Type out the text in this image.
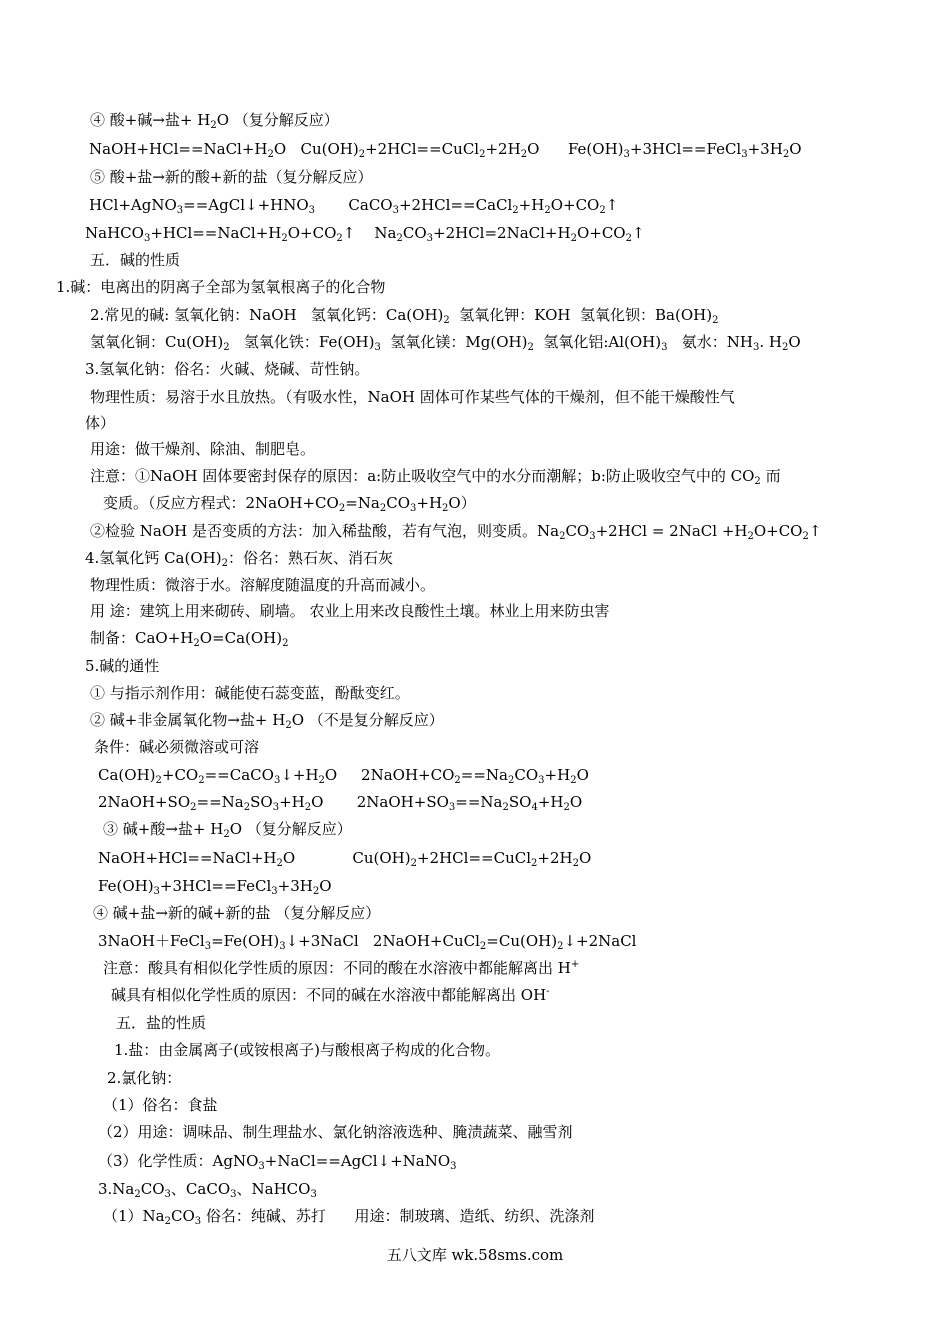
④ 酸+碱→盐+ $H_2O$ （复分解反应）
$NaOH+HCl==NaCl+H_2O$   $Cu(OH)_2+2HCl==CuCl_2+2H_2O$      $Fe(OH)_3+3HCl==FeCl_3+3H_2O$
⑤ 酸+盐→新的酸+新的盐（复分解反应）
$HCl+AgNO_3==AgCl↓+HNO_3$       $CaCO_3+2HCl==CaCl_2+H_2O+CO_2↑$
$NaHCO_3+HCl==NaCl+H_2O+CO_2↑$    $Na_2CO_3+2HCl=2NaCl+H_2O+CO_2↑$
五．碱的性质
1.碱：电离出的阴离子全部为氢氧根离子的化合物
2.常见的碱: 氢氧化钠：NaOH   氢氧化钙：$Ca(OH)_2$  氢氧化钾：KOH  氢氧化钡：$Ba(OH)_2$
氢氧化铜：$Cu(OH)_2$   氢氧化铁：$Fe(OH)_3$  氢氧化镁：$Mg(OH)_2$  氢氧化铝$:Al(OH)_3$   氨水：$NH_3$. $H_2O$
3.氢氧化钠：俗名：火碱、烧碱、苛性钠。
物理性质：易溶于水且放热。（有吸水性，NaOH 固体可作某些气体的干燥剂，但不能干燥酸性气
体）
用途：做干燥剂、除油、制肥皂。
注意：①NaOH 固体要密封保存的原因：a:防止吸收空气中的水分而潮解；b:防止吸收空气中的 $CO_2$ 而
变质。（反应方程式：$2NaOH+CO_2=Na_2CO_3+H_2O$）
②检验 NaOH 是否变质的方法：加入稀盐酸，若有气泡，则变质。$Na_2CO_3+2HCl$ = 2NaCl $+H_2O+CO_2↑$
4.氢氧化钙 $Ca(OH)_2$：俗名：熟石灰、消石灰
物理性质：微溶于水。溶解度随温度的升高而减小。
用 途：建筑上用来砌砖、刷墙。 农业上用来改良酸性土壤。林业上用来防虫害
制备：$CaO+H_2O=Ca(OH)_2$
5.碱的通性
① 与指示剂作用：碱能使石蕊变蓝，酚酞变红。
② 碱+非金属氧化物→盐+ $H_2O$ （不是复分解反应）
条件：碱必须微溶或可溶
$Ca(OH)_2+CO_2==CaCO_3↓+H_2O$     $2NaOH+CO_2==Na_2CO_3+H_2O$
$2NaOH+SO_2==Na_2SO_3+H_2O$       $2NaOH+SO_3==Na_2SO_4+H_2O$
③ 碱+酸→盐+ $H_2O$ （复分解反应）
$NaOH+HCl==NaCl+H_2O$            $Cu(OH)_2+2HCl==CuCl_2+2H_2O$
$Fe(OH)_3+3HCl==FeCl_3+3H_2O$
④ 碱+盐→新的碱+新的盐 （复分解反应）
$3NaOH+FeCl_3=Fe(OH)_3↓+3NaCl$   $2NaOH+CuCl_2=Cu(OH)_2↓+2NaCl$
注意：酸具有相似化学性质的原因：不同的酸在水溶液中都能解离出 H+
碱具有相似化学性质的原因：不同的碱在水溶液中都能解离出 OH-
五．盐的性质
1.盐：由金属离子(或铵根离子)与酸根离子构成的化合物。
2.氯化钠：
（1）俗名：食盐
（2）用途：调味品、制生理盐水、氯化钠溶液选种、腌渍蔬菜、融雪剂
（3）化学性质：AgNO$_3$+NaCl==AgCl↓+NaNO$_3$
$3.Na_2CO_3$、CaCO$_3$、NaHCO$_3$
$(1)Na_2CO_3$ 俗名：纯碱、苏打      用途：制玻璃、造纸、纺织、洗涤剂
五八文库 wk.58sms.com
